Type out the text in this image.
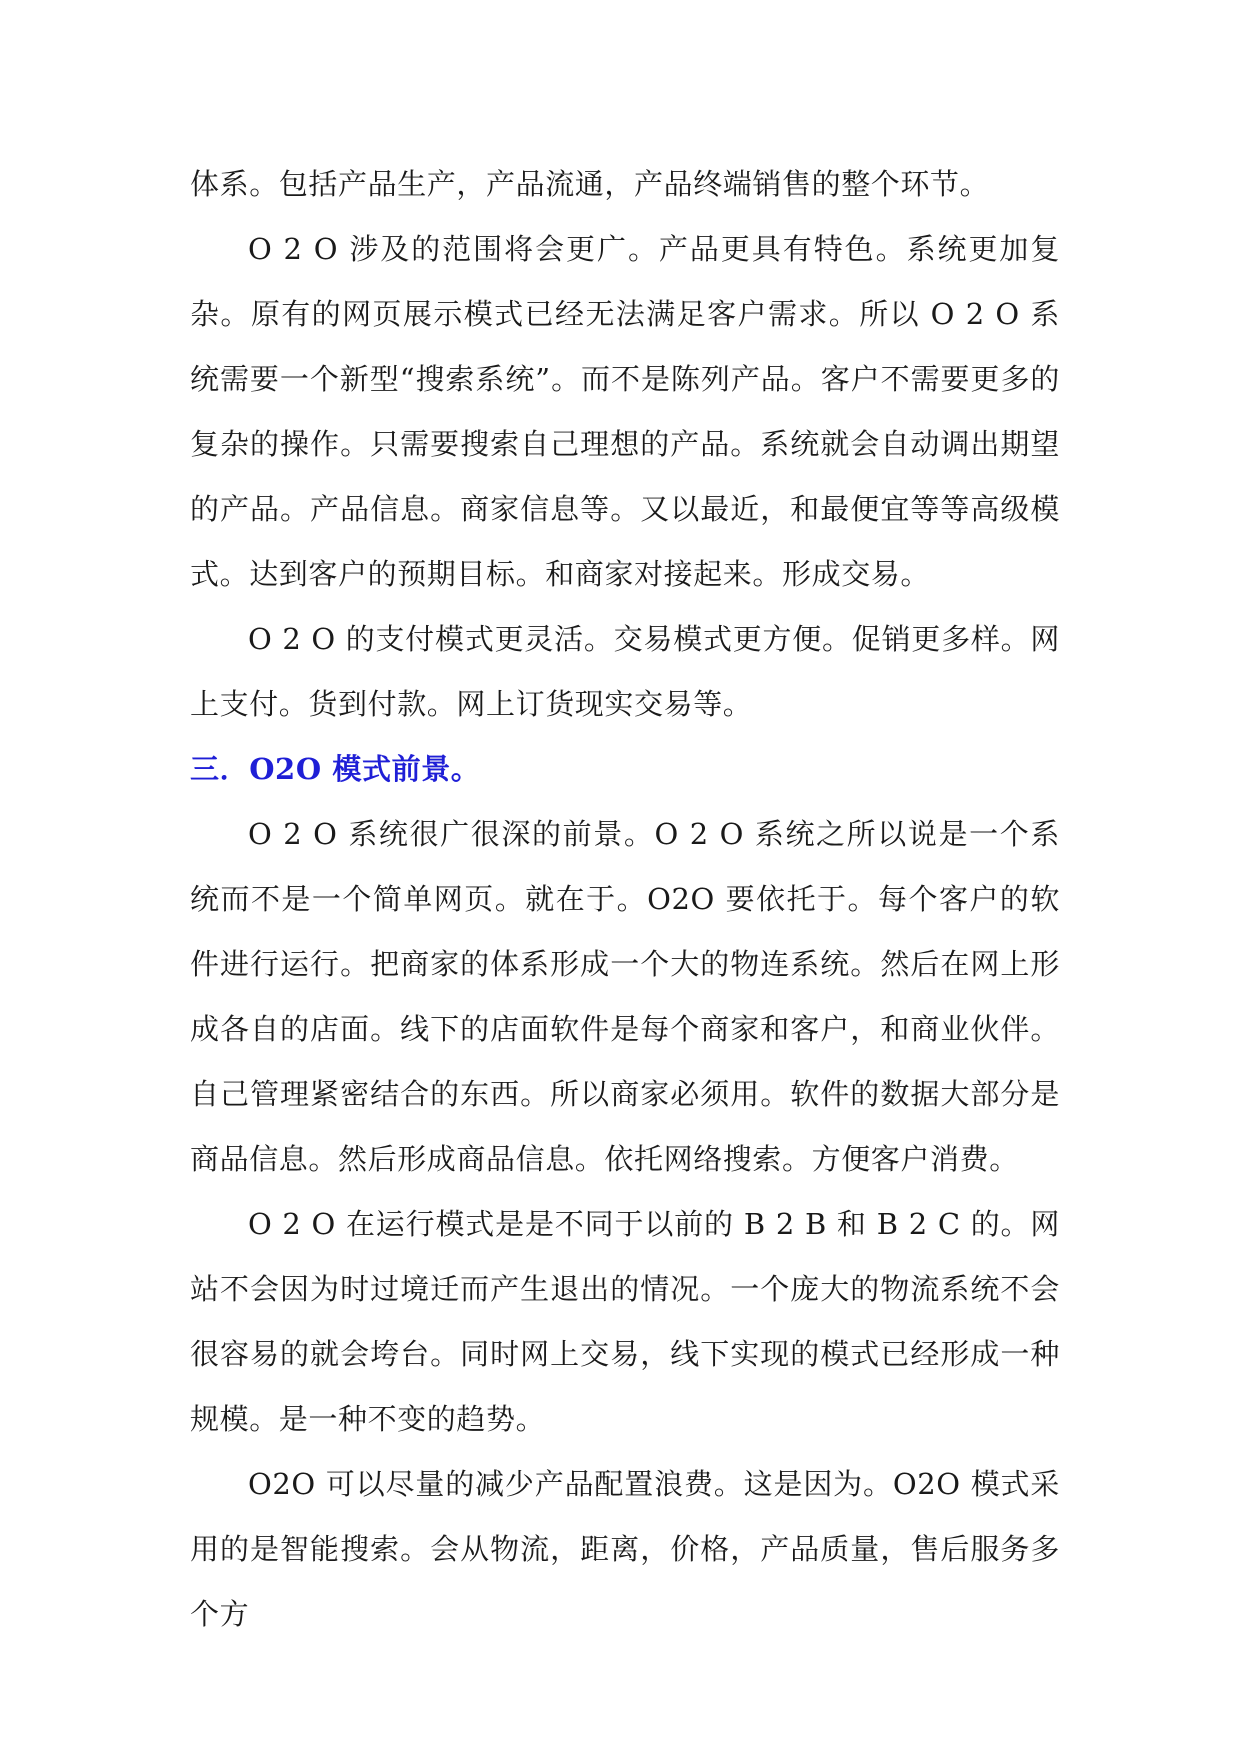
体系。包括产品生产，产品流通，产品终端销售的整个环节。

O 2 O 涉及的范围将会更广。产品更具有特色。系统更加复杂。原有的网页展示模式已经无法满足客户需求。所以 O 2 O 系统需要一个新型“搜索系统”。而不是陈列产品。客户不需要更多的复杂的操作。只需要搜索自己理想的产品。系统就会自动调出期望的产品。产品信息。商家信息等。又以最近，和最便宜等等高级模式。达到客户的预期目标。和商家对接起来。形成交易。

O 2 O 的支付模式更灵活。交易模式更方便。促销更多样。网上支付。货到付款。网上订货现实交易等。

三．O2O 模式前景。

O 2 O 系统很广很深的前景。O 2 O 系统之所以说是一个系统而不是一个简单网页。就在于。O2O 要依托于。每个客户的软件进行运行。把商家的体系形成一个大的物连系统。然后在网上形成各自的店面。线下的店面软件是每个商家和客户，和商业伙伴。自己管理紧密结合的东西。所以商家必须用。软件的数据大部分是商品信息。然后形成商品信息。依托网络搜索。方便客户消费。

O 2 O 在运行模式是是不同于以前的 B 2 B 和 B 2 C 的。网站不会因为时过境迁而产生退出的情况。一个庞大的物流系统不会很容易的就会垮台。同时网上交易，线下实现的模式已经形成一种规模。是一种不变的趋势。

O2O 可以尽量的减少产品配置浪费。这是因为。O2O 模式采用的是智能搜索。会从物流，距离，价格，产品质量，售后服务多个方
